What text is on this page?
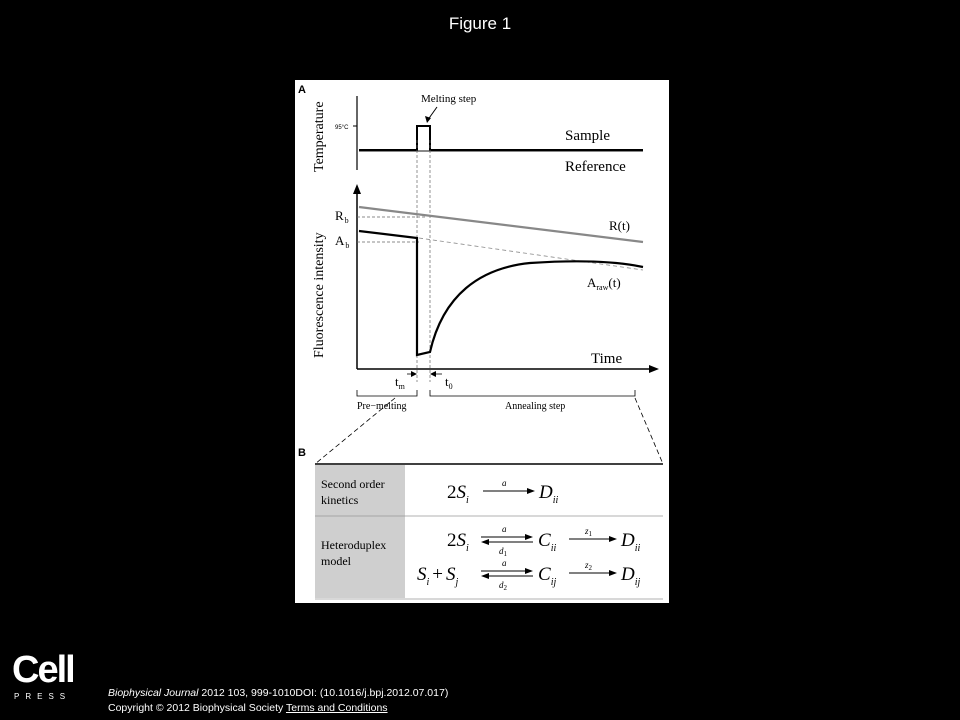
Figure 1
A
Temperature 95°C
Melting step
Sample
Reference
Fluorescence intensity
Time
$R_b$
$A_b$
R(t)
$A_{raw}(t)$
$t_m$	$t_0$
Pre−melting	Annealing step
B
Second order
kinetics	$2S_i$
a $D_{ii}$
Heteroduplex
model
$2S_i$
a
$d_1$
$C_{ii}$
$z_1$ $D_{ii}$
$S_i + S_j$
a
$d_2$
$C_{ij}$
$z_2$ $D_{ij}$
Cell
PRESS	Biophysical Journal 2012 103, 999-1010DOI: (10.1016/j.bpj.2012.07.017)
Copyright © 2012 Biophysical Society Terms and Conditions
